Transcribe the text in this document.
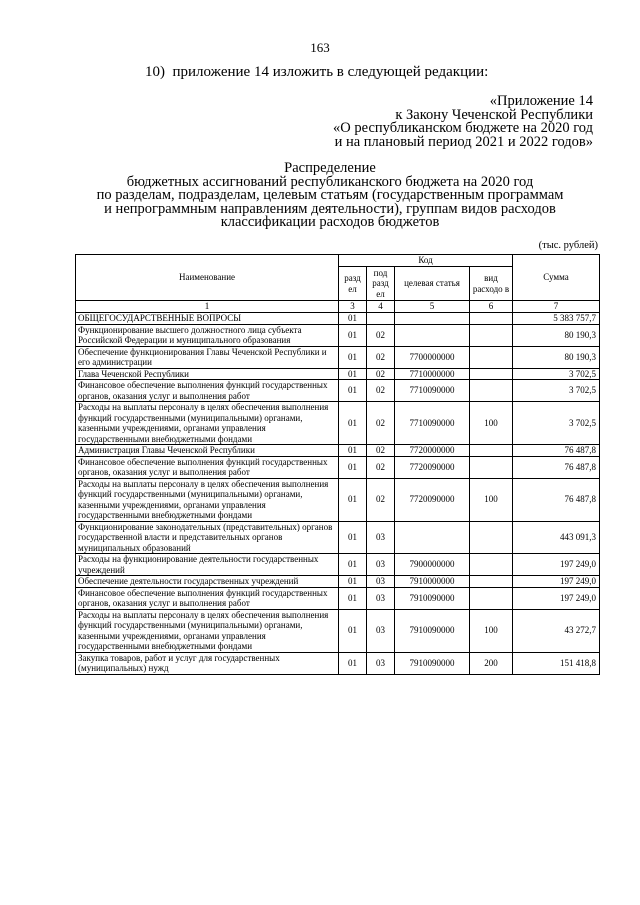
163
10)  приложение 14 изложить в следующей редакции:
«Приложение 14
к Закону Чеченской Республики
«О республиканском бюджете на 2020 год
и на плановый период 2021 и 2022 годов»
Распределение
бюджетных ассигнований республиканского бюджета на 2020 год
по разделам, подразделам, целевым статьям (государственным программам
и непрограммным направлениям деятельности), группам видов расходов
классификации расходов бюджетов
(тыс. рублей)
Наименование	Код				Сумма
	разд ел	под разд ел	целевая статья	вид расходо в	
1	3	4	5	6	7
ОБЩЕГОСУДАРСТВЕННЫЕ ВОПРОСЫ	01				5 383 757,7
Функционирование высшего должностного лица субъекта Российской Федерации и муниципального образования	01	02			80 190,3
Обеспечение функционирования Главы Чеченской Республики и его администрации	01	02	7700000000		80 190,3
Глава Чеченской Республики	01	02	7710000000		3 702,5
Финансовое обеспечение выполнения функций государственных органов, оказания услуг и выполнения работ	01	02	7710090000		3 702,5
Расходы на выплаты персоналу в целях обеспечения выполнения функций государственными (муниципальными) органами, казенными учреждениями, органами управления государственными внебюджетными фондами	01	02	7710090000	100	3 702,5
Администрация Главы Чеченской Республики	01	02	7720000000		76 487,8
Финансовое обеспечение выполнения функций государственных органов, оказания услуг и выполнения работ	01	02	7720090000		76 487,8
Расходы на выплаты персоналу в целях обеспечения выполнения функций государственными (муниципальными) органами, казенными учреждениями, органами управления государственными внебюджетными фондами	01	02	7720090000	100	76 487,8
Функционирование законодательных (представительных) органов государственной власти и представительных органов муниципальных образований	01	03			443 091,3
Расходы на функционирование деятельности государственных учреждений	01	03	7900000000		197 249,0
Обеспечение деятельности государственных учреждений	01	03	7910000000		197 249,0
Финансовое обеспечение выполнения функций государственных органов, оказания услуг и выполнения работ	01	03	7910090000		197 249,0
Расходы на выплаты персоналу в целях обеспечения выполнения функций государственными (муниципальными) органами, казенными учреждениями, органами управления государственными внебюджетными фондами	01	03	7910090000	100	43 272,7
Закупка товаров, работ и услуг для государственных (муниципальных) нужд	01	03	7910090000	200	151 418,8
